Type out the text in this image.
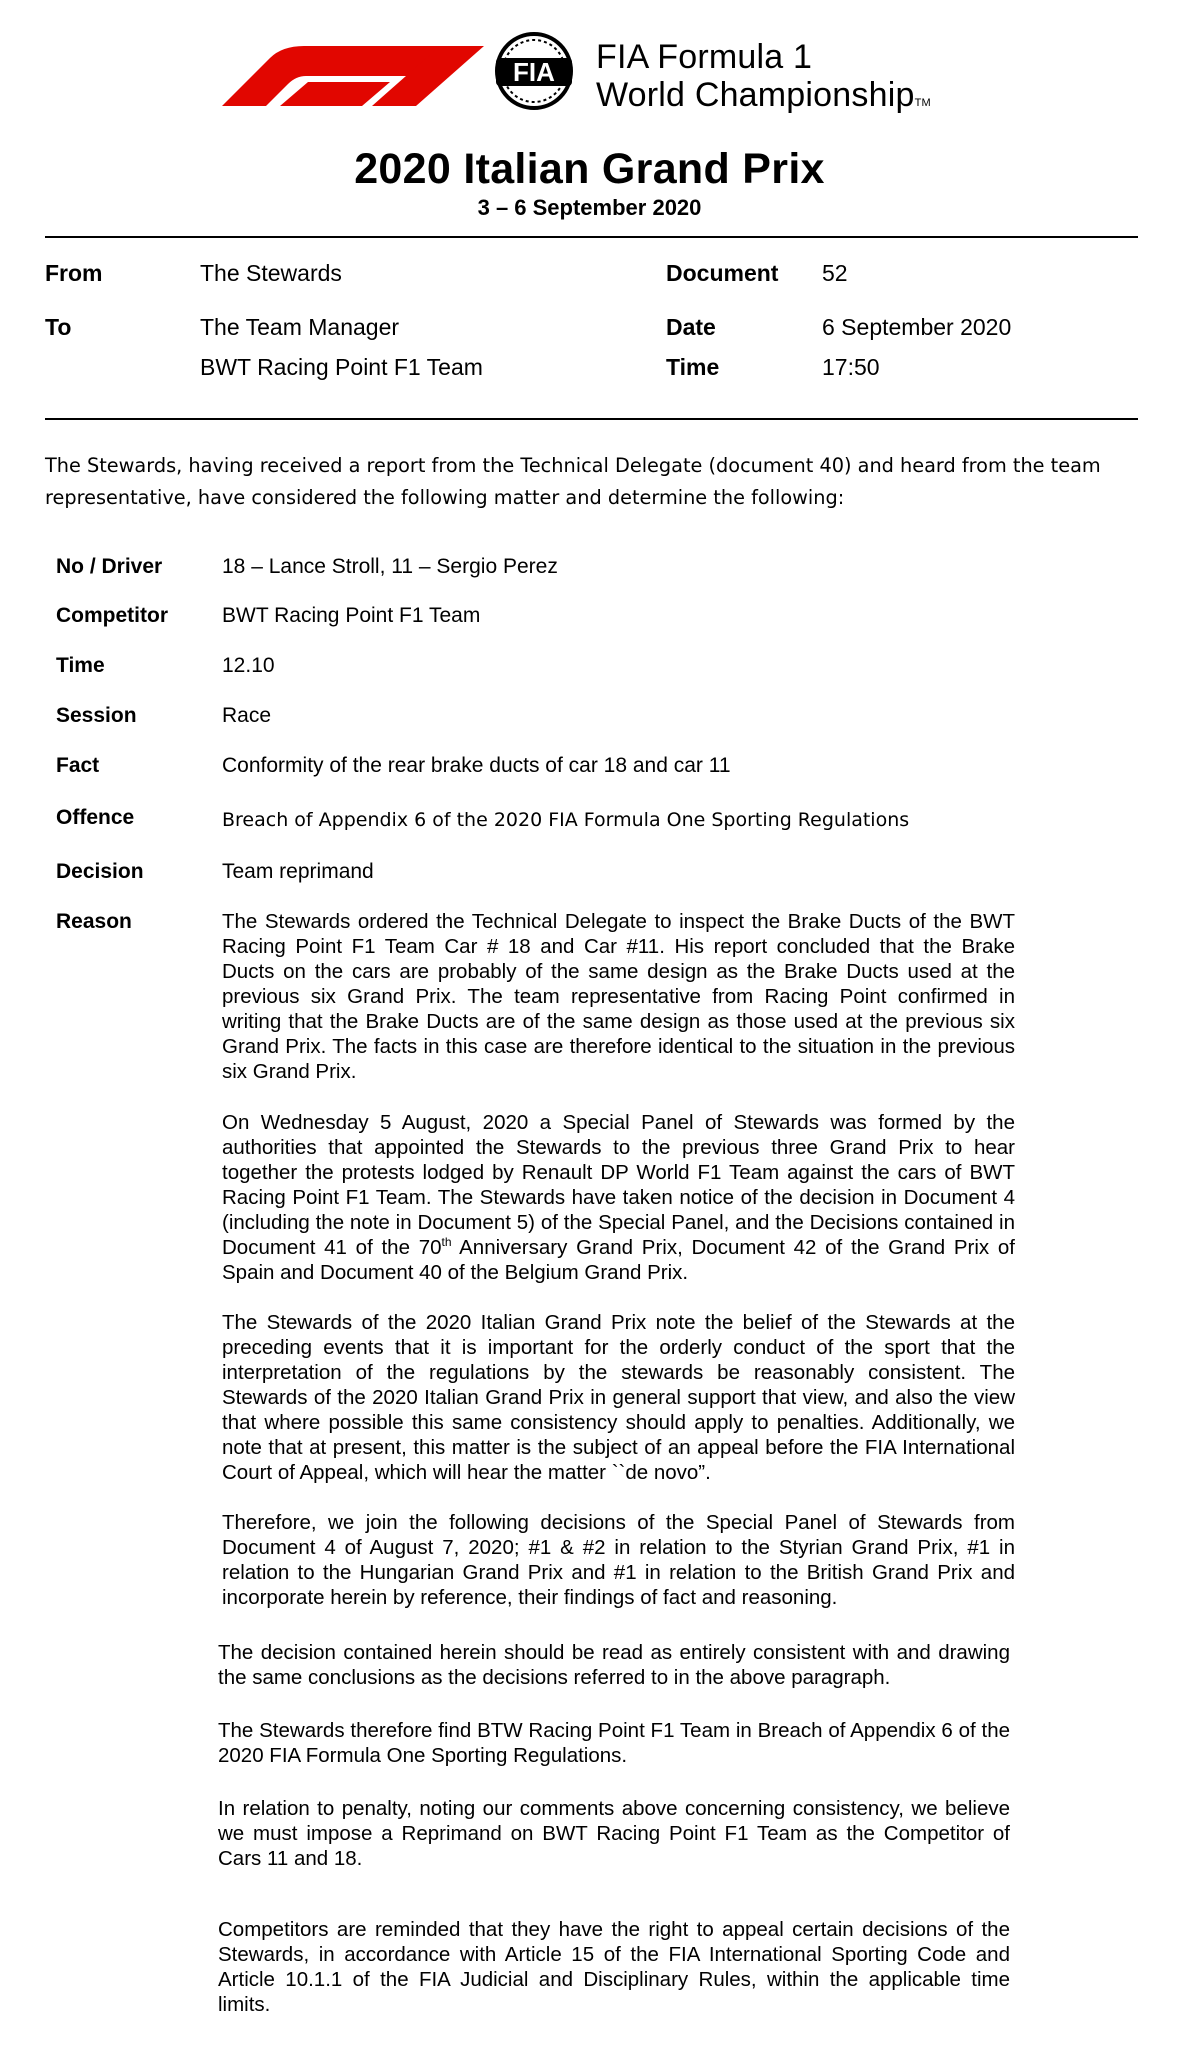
FIA FIA Formula 1
World ChampionshipTM
2020 Italian Grand Prix
3 – 6 September 2020
From	The Stewards	Document 52
To	The Team Manager	Date	6 September 2020
BWT Racing Point F1 Team	Time	17:50
The Stewards, having received a report from the Technical Delegate (document 40) and heard from the team representative, have considered the following matter and determine the following:
No / Driver	18 – Lance Stroll, 11 – Sergio Perez
Competitor	BWT Racing Point F1 Team
Time	12.10
Session	Race
Fact	Conformity of the rear brake ducts of car 18 and car 11
Offence	Breach of Appendix 6 of the 2020 FIA Formula One Sporting Regulations
Decision	Team reprimand
Reason	The Stewards ordered the Technical Delegate to inspect the Brake Ducts of the BWT Racing Point F1 Team Car # 18 and Car #11. His report concluded that the Brake Ducts on the cars are probably of the same design as the Brake Ducts used at the previous six Grand Prix. The team representative from Racing Point confirmed in writing that the Brake Ducts are of the same design as those used at the previous six Grand Prix. The facts in this case are therefore identical to the situation in the previous six Grand Prix.
On Wednesday 5 August, 2020 a Special Panel of Stewards was formed by the authorities that appointed the Stewards to the previous three Grand Prix to hear together the protests lodged by Renault DP World F1 Team against the cars of BWT Racing Point F1 Team. The Stewards have taken notice of the decision in Document 4 (including the note in Document 5) of the Special Panel, and the Decisions contained in Document 41 of the 70th Anniversary Grand Prix, Document 42 of the Grand Prix of Spain and Document 40 of the Belgium Grand Prix.
The Stewards of the 2020 Italian Grand Prix note the belief of the Stewards at the preceding events that it is important for the orderly conduct of the sport that the interpretation of the regulations by the stewards be reasonably consistent. The Stewards of the 2020 Italian Grand Prix in general support that view, and also the view that where possible this same consistency should apply to penalties. Additionally, we note that at present, this matter is the subject of an appeal before the FIA International Court of Appeal, which will hear the matter ``de novo”.
Therefore, we join the following decisions of the Special Panel of Stewards from Document 4 of August 7, 2020; #1 & #2 in relation to the Styrian Grand Prix, #1 in relation to the Hungarian Grand Prix and #1 in relation to the British Grand Prix and incorporate herein by reference, their findings of fact and reasoning.
The decision contained herein should be read as entirely consistent with and drawing the same conclusions as the decisions referred to in the above paragraph.
The Stewards therefore find BTW Racing Point F1 Team in Breach of Appendix 6 of the 2020 FIA Formula One Sporting Regulations.
In relation to penalty, noting our comments above concerning consistency, we believe we must impose a Reprimand on BWT Racing Point F1 Team as the Competitor of Cars 11 and 18.
Competitors are reminded that they have the right to appeal certain decisions of the Stewards, in accordance with Article 15 of the FIA International Sporting Code and Article 10.1.1 of the FIA Judicial and Disciplinary Rules, within the applicable time limits.
